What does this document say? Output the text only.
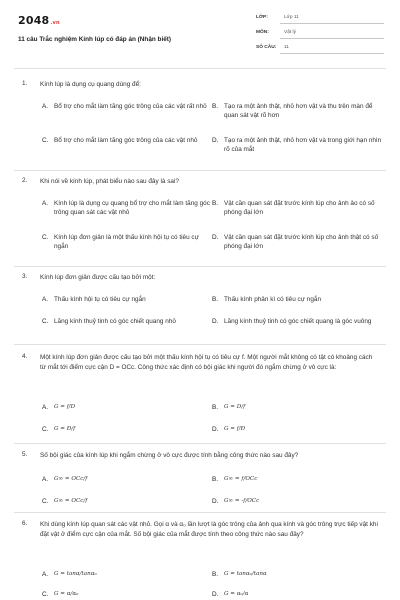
2048.vn
11 câu Trắc nghiệm Kính lúp có đáp án (Nhận biết)
LỚP:	Lớp 11
MÔN:	Vật lý
SỐ CÂU: 11
1. Kính lúp là dụng cụ quang dùng để:
A. Bổ trợ cho mắt làm tăng góc trông của các vật rất nhỏ B. Tạo ra một ảnh thật, nhỏ hơn vật và thu trên màn để quan sát vật rõ hơn
C. Bổ trợ cho mắt làm tăng góc trông của các vật nhỏ	D. Tạo ra một ảnh thật, nhỏ hơn vật và trong giới hạn nhìn rõ của mắt
2. Khi nói về kính lúp, phát biểu nào sau đây là sai?
A. Kính lúp là dụng cụ quang bổ trợ cho mắt làm tăng góc trông quan sát các vật nhỏ
B. Vật cần quan sát đặt trước kính lúp cho ảnh ảo có số phóng đại lớn
C. Kính lúp đơn giản là một thấu kính hội tụ có tiêu cự ngắn
D. Vật cần quan sát đặt trước kính lúp cho ảnh thật có số phóng đại lớn
3. Kính lúp đơn giản được cấu tạo bởi một:
A. Thấu kính hội tụ có tiêu cự ngắn	B. Thấu kính phân kì có tiêu cự ngắn
C. Lăng kính thuỷ tinh có góc chiết quang nhỏ	D. Lăng kính thuỷ tinh có góc chiết quang là góc vuông
4. Một kính lúp đơn giản được cấu tạo bởi một thấu kính hội tụ có tiêu cự f. Một người mắt không có tật có khoảng cách từ mắt tới điểm cực cận D = OCc. Công thức xác định có bội giác khi người đó ngắm chừng ở vô cực là:
A. G = f/D	B. G = D/f
C. G = Đ/f	D. G = f/Đ
5. Số bội giác của kính lúp khi ngắm chừng ở vô cực được tính bằng công thức nào sau đây?
A. G∞ = OCc/f	B. G∞ = f/OCc
C. G∞ = OCc/f	D. G∞ = -f/OCc
6. Khi dùng kính lúp quan sát các vật nhỏ. Gọi α và α₀ lần lượt là góc trông của ảnh qua kính và góc trông trực tiếp vật khi đặt vật ở điểm cực cận của mắt. Số bội giác của mắt được tính theo công thức nào sau đây?
A. G = tanα/tanα₀	B. G = tanα₀/tanα
C. G = α/α₀	D. G = α₀/α
